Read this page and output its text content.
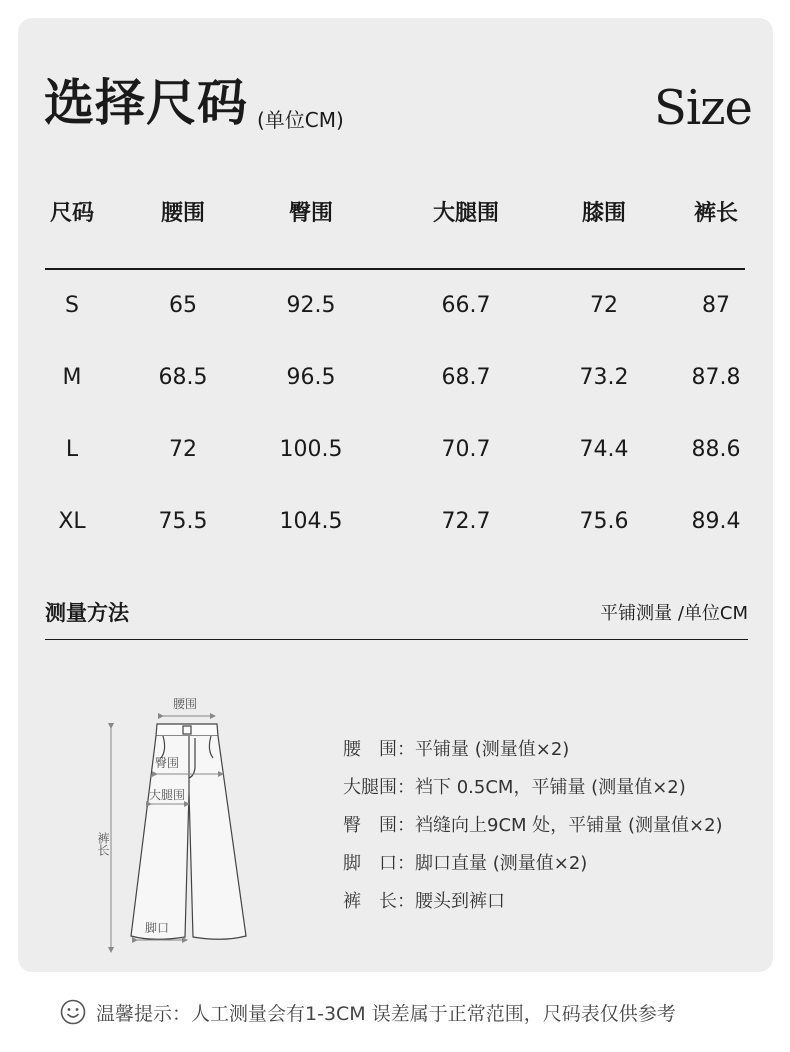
选择尺码 (单位CM)	Size
尺码	腰围	臀围	大腿围	膝围	裤长
S	65	92.5	66.7	72	87
M	68.5	96.5	68.7	73.2	87.8
L	72	100.5	70.7	74.4	88.6
XL	75.5	104.5	72.7	75.6	89.4
测量方法	平铺测量 /单位CM
腰围
臀围
大腿围
脚口
裤长
腰　围：平铺量 (测量值×2)
大腿围：裆下 0.5CM，平铺量 (测量值×2)
臀　围：裆缝向上9CM 处，平铺量 (测量值×2)
脚　口：脚口直量 (测量值×2)
裤　长：腰头到裤口
温馨提示：人工测量会有1-3CM 误差属于正常范围，尺码表仅供参考
